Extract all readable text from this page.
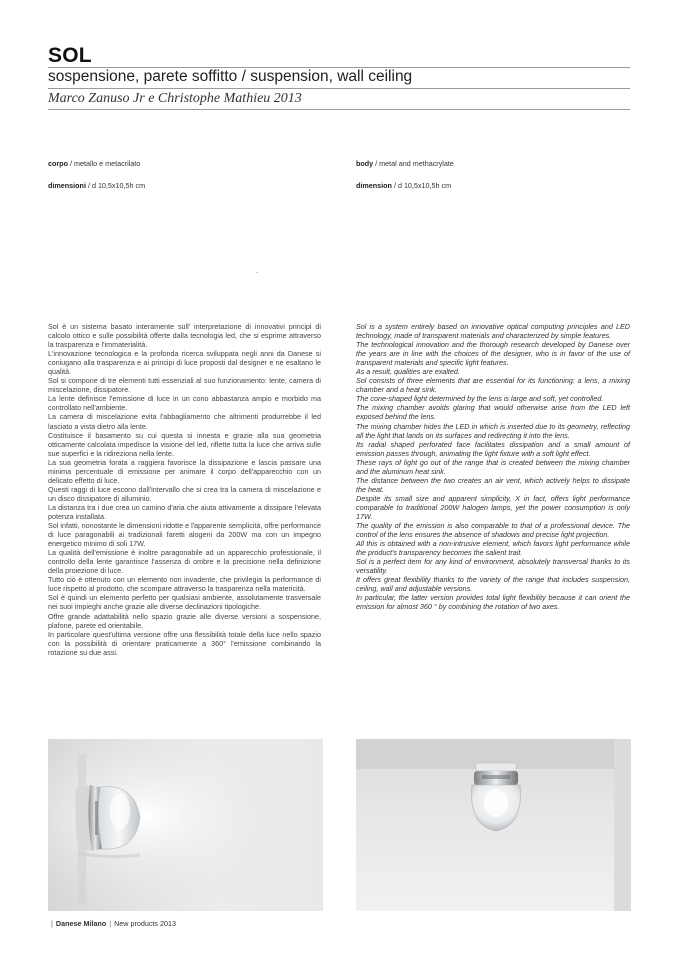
SOL
sospensione, parete soffitto / suspension, wall ceiling
Marco Zanuso Jr e Christophe Mathieu 2013
corpo / metallo e metacrilato
dimensioni / d 10,5x10,5h cm
body / metal and methacrylate
dimension / d 10,5x10,5h cm
.
Sol è un sistema basato interamente sull' interpretazione di innovativi principi di calcolo ottico e sulle possibilità offerte dalla tecnologia led, che si esprime attraverso la trasparenza e l'immaterialità.
L'innovazione tecnologica e la profonda ricerca sviluppata negli anni da Danese si coniugano alla trasparenza e ai principi di luce proposti dal designer e ne esaltano le qualità.
Sol si compone di tre elementi tutti essenziali al suo funzionamento: lente, camera di miscelazione, dissipatore.
La lente definisce l'emissione di luce in un cono abbastanza ampio e morbido ma controllato nell'ambiente.
La camera di miscelazione evita l'abbagliamento che altrimenti produrrebbe il led lasciato a vista dietro alla lente.
Costituisce il basamento su cui questa si innesta e grazie alla sua geometria otticamente calcolata impedisce la visione del led, riflette tutta la luce che arriva sulle sue superfici e la ridireziona nella lente.
La sua geometria forata a raggiera favorisce la dissipazione e lascia passare una minima percentuale di emissione per animare il corpo dell'apparecchio con un delicato effetto di luce.
Questi raggi di luce escono dall'intervallo che si crea tra la camera di miscelazione e un disco dissipatore di alluminio.
La distanza tra i due crea un camino d'aria che aiuta attivamente a dissipare l'elevata potenza installata.
Sol infatti, nonostante le dimensioni ridotte e l'apparente semplicità, offre performance di luce paragonabili ai tradizionali faretti alogeni da 200W ma con un impegno energetico minimo di soli 17W.
La qualità dell'emissione è inoltre paragonabile ad un apparecchio professionale, il controllo della lente garantisce l'assenza di ombre e la precisione nella definizione della proiezione di luce.
Tutto ciò è ottenuto con un elemento non invadente, che privilegia la performance di luce rispetto al prodotto, che scompare attraverso la trasparenza nella matericità.
Sol è quindi un elemento perfetto per qualsiasi ambiente, assolutamente trasversale nei suoi impieghi anche grazie alle diverse declinazioni tipologiche.
Offre grande adattabilità nello spazio grazie alle diverse versioni a sospensione, plafone, parete ed orientabile.
In particolare quest'ultima versione offre una flessibilità totale della luce nello spazio con la possibilità di orientare praticamente a 360° l'emissione combinando la rotazione su due assi.
Sol is a system entirely based on innovative optical computing principles and LED technology, made of transparent materials and characterized by simple features.
The technological innovation and the thorough research developed by Danese over the years are in line with the choices of the designer, who is in favor of the use of transparent materials and specific light features.
As a result, qualities are exalted.
Sol consists of three elements that are essential for its functioning: a lens, a mixing chamber and a heat sink.
The cone-shaped light determined by the lens is large and soft, yet controlled.
The mixing chamber avoids glaring that would otherwise arise from the LED left exposed behind the lens.
The mixing chamber hides the LED in which is inserted due to its geometry, reflecting all the light that lands on its surfaces and redirecting it into the lens.
Its radial shaped perforated face facilitates dissipation and a small amount of emission passes through, animating the light fixture with a soft light effect.
These rays of light go out of the range that is created between the mixing chamber and the aluminum heat sink.
The distance between the two creates an air vent, which actively helps to dissipate the heat.
Despite its small size and apparent simplicity, X in fact, offers light performance comparable to traditional 200W halogen lamps, yet the power consumption is only 17W.
The quality of the emission is also comparable to that of a professional device. The control of the lens ensures the absence of shadows and precise light projection.
All this is obtained with a non-intrusive element, which favors light performance while the product's transparency becomes the salient trait.
Sol is a perfect item for any kind of environment, absolutely transversal thanks to its versatility.
It offers great flexibility thanks to the variety of the range that includes suspension, ceiling, wall and adjustable versions.
In particular, the latter version provides total light flexibility because it can orient the emission for almost 360 ° by combining the rotation of two axes.
| Danese Milano | New products 2013
